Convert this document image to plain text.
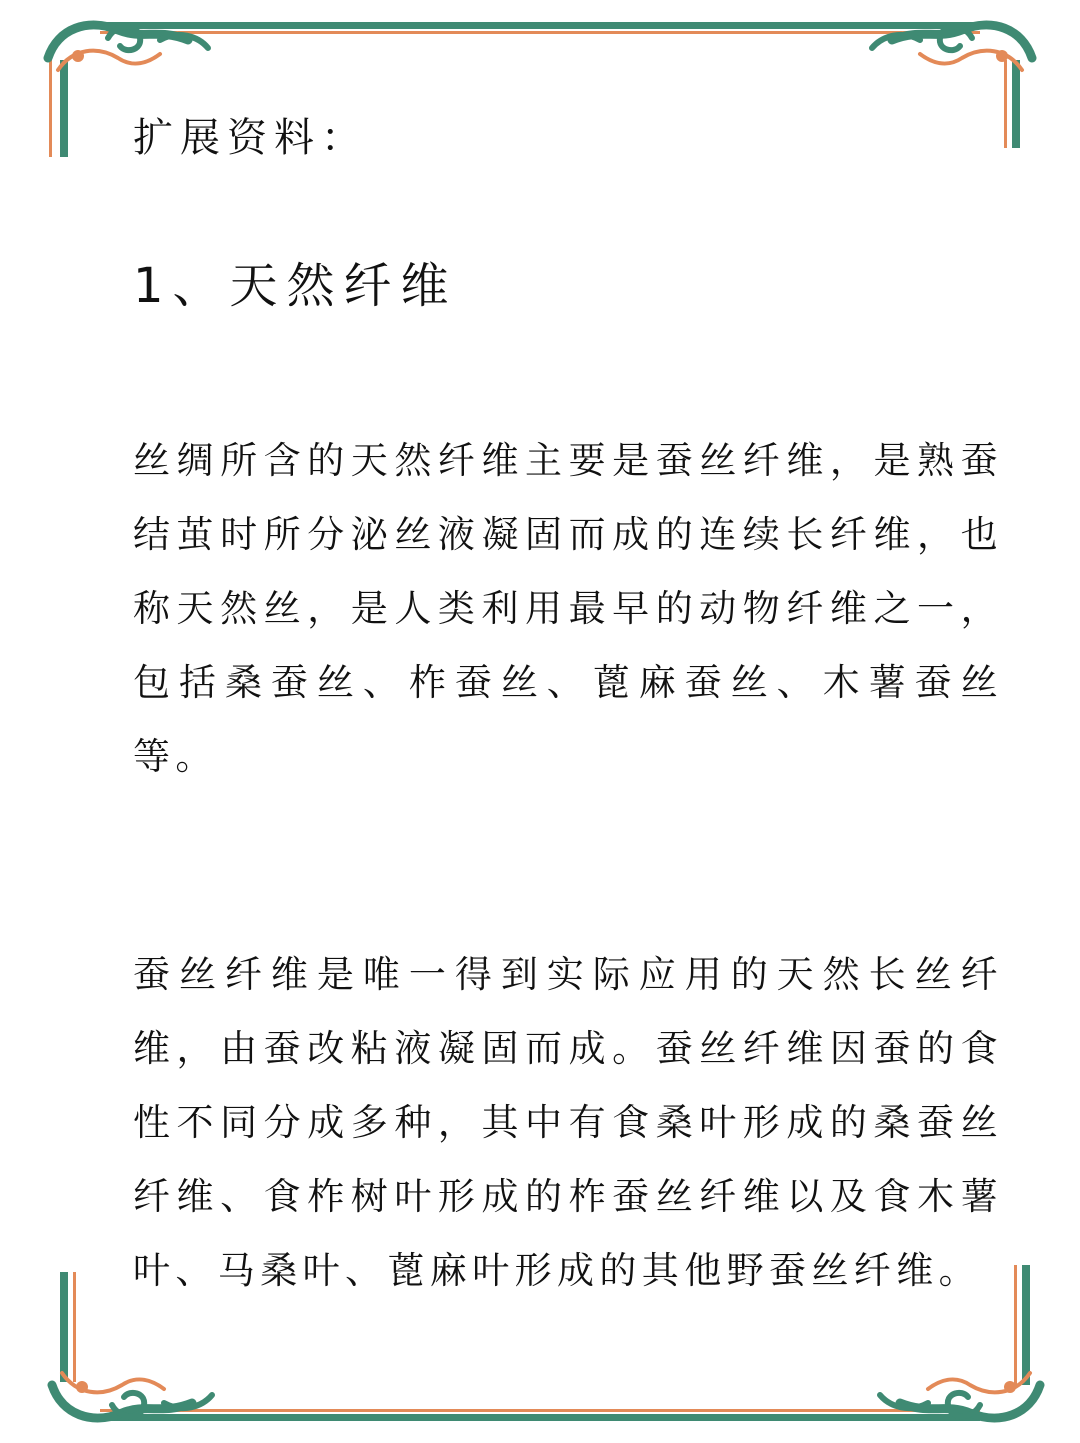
扩展资料：

1、天然纤维

丝绸所含的天然纤维主要是蚕丝纤维，是熟蚕结茧时所分泌丝液凝固而成的连续长纤维，也称天然丝，是人类利用最早的动物纤维之一，包括桑蚕丝、柞蚕丝、蓖麻蚕丝、木薯蚕丝等。

蚕丝纤维是唯一得到实际应用的天然长丝纤维，由蚕改粘液凝固而成。蚕丝纤维因蚕的食性不同分成多种，其中有食桑叶形成的桑蚕丝纤维、食柞树叶形成的柞蚕丝纤维以及食木薯叶、马桑叶、蓖麻叶形成的其他野蚕丝纤维。
